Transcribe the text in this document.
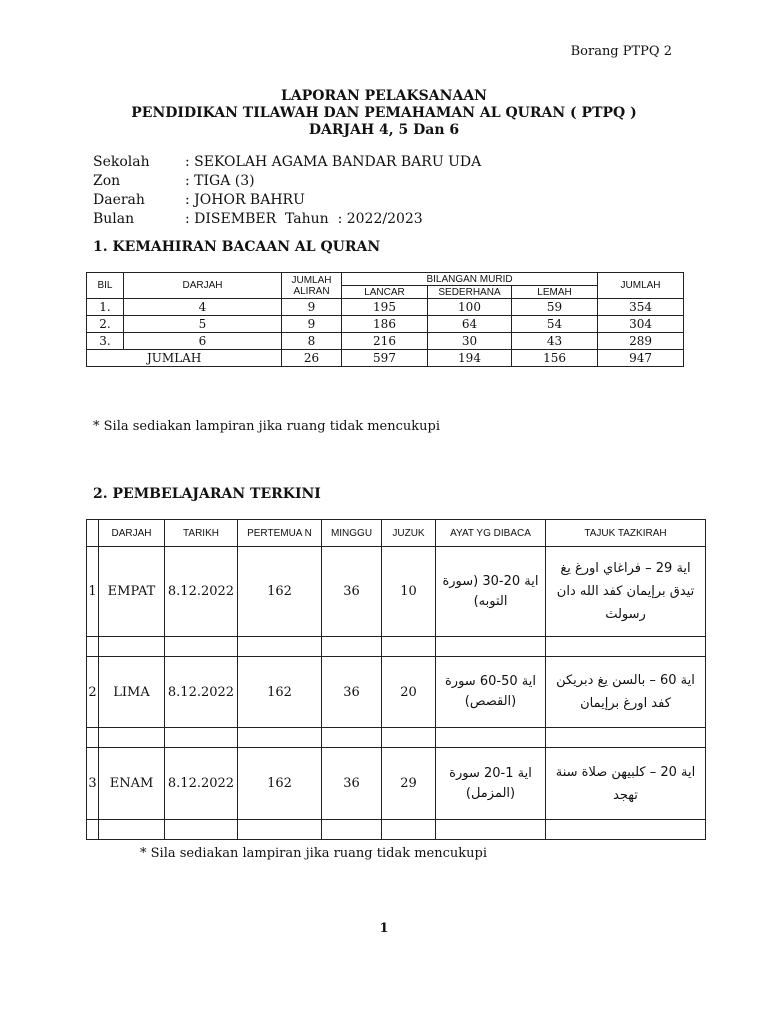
Borang PTPQ 2
LAPORAN PELAKSANAAN
PENDIDIKAN TILAWAH DAN PEMAHAMAN AL QURAN ( PTPQ )
DARJAH 4, 5 Dan 6
Sekolah	: SEKOLAH AGAMA BANDAR BARU UDA
Zon	: TIGA (3)
Daerah	: JOHOR BAHRU
Bulan	: DISEMBER  Tahun  : 2022/2023
1. KEMAHIRAN BACAAN AL QURAN
BIL	DARJAH	JUMLAH ALIRAN	BILANGAN MURID			JUMLAH
			LANCAR	SEDERHANA	LEMAH	
1.	4	9	195	100	59	354
2.	5	9	186	64	54	304
3.	6	8	216	30	43	289
JUMLAH		26	597	194	156	947
* Sila sediakan lampiran jika ruang tidak mencukupi
2. PEMBELAJARAN TERKINI
	DARJAH	TARIKH	PERTEMUA N	MINGGU	JUZUK	AYAT YG DIBACA	TAJUK TAZKIRAH
1	EMPAT	8.12.2022	162	36	10	اية 20-30 (سورة التوبه)	اية 29 – فراغاي اورغ يغ تيدق برإيمان كفد الله دان رسولث

2	LIMA	8.12.2022	162	36	20	اية 50-60 سورة (القصص)	اية 60 – بالسن يغ دبريكن كفد اورغ برإيمان

3	ENAM	8.12.2022	162	36	29	اية 1-20 سورة (المزمل)	اية 20 – كلبيهن صلاة سنة تهجد

* Sila sediakan lampiran jika ruang tidak mencukupi
1
